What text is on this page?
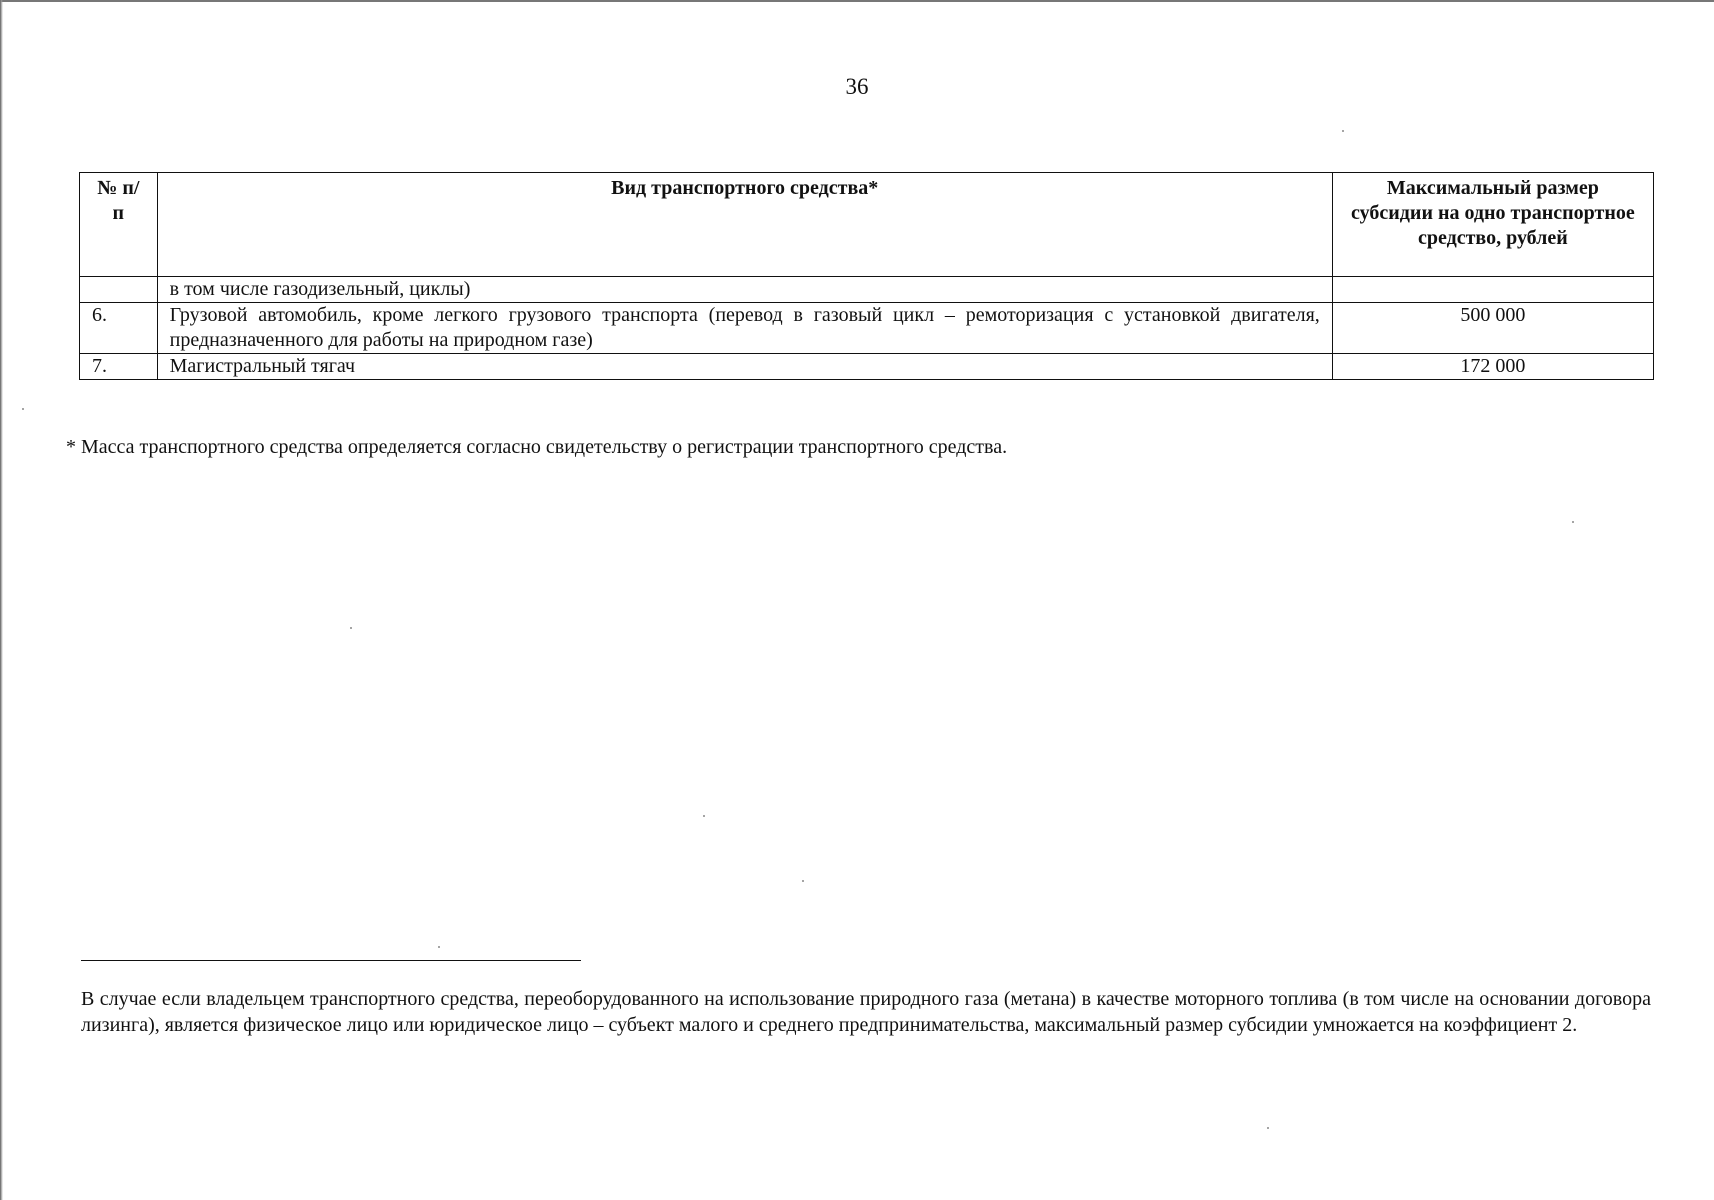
36
№ п/п	Вид транспортного средства*	Максимальный размер субсидии на одно транспортное средство, рублей
	в том числе газодизельный, циклы)	
6.	Грузовой автомобиль, кроме легкого грузового транспорта (перевод в газовый цикл – ремоторизация с установкой двигателя, предназначенного для работы на природном газе)	500 000
7.	Магистральный тягач	172 000
* Масса транспортного средства определяется согласно свидетельству о регистрации транспортного средства.
В случае если владельцем транспортного средства, переоборудованного на использование природного газа (метана) в качестве моторного топлива (в том числе на основании договора лизинга), является физическое лицо или юридическое лицо – субъект малого и среднего предпринимательства, максимальный размер субсидии умножается на коэффициент 2.
